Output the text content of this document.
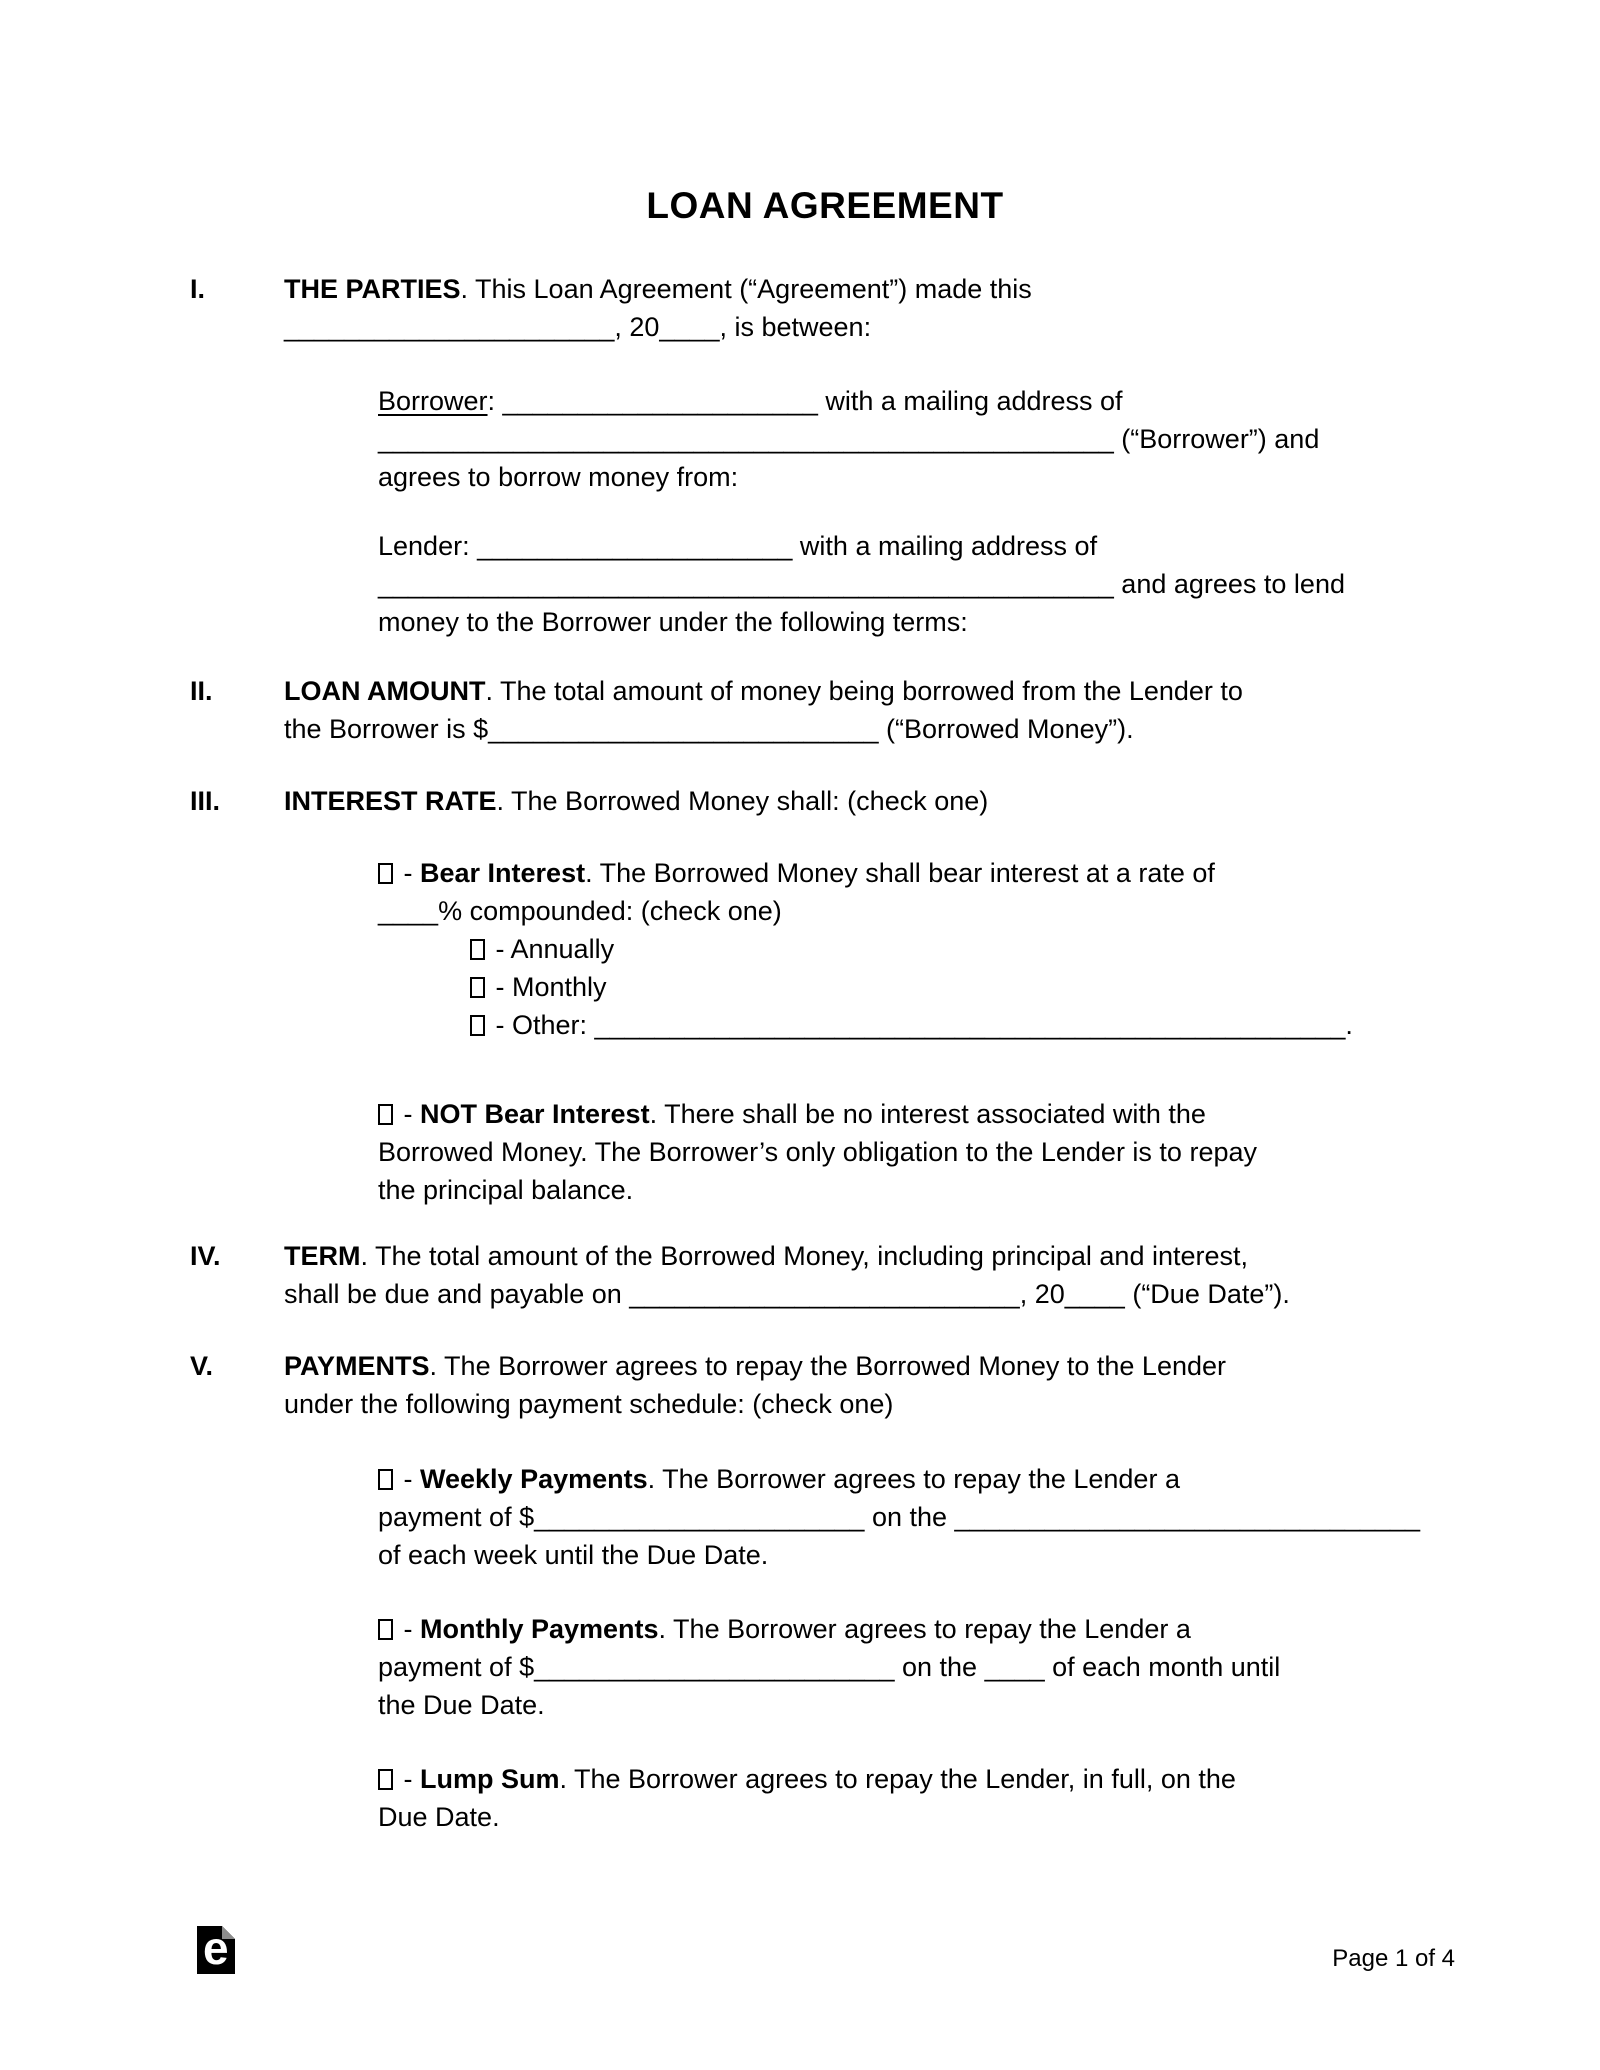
LOAN AGREEMENT
I.	THE PARTIES. This Loan Agreement (“Agreement”) made this
______________________, 20____, is between:
Borrower: _____________________ with a mailing address of
_________________________________________________ (“Borrower”) and
agrees to borrow money from:
Lender: _____________________ with a mailing address of
_________________________________________________ and agrees to lend
money to the Borrower under the following terms:
II.	LOAN AMOUNT. The total amount of money being borrowed from the Lender to
the Borrower is $__________________________ (“Borrowed Money”).
III.	INTEREST RATE. The Borrowed Money shall: (check one)
- Bear Interest. The Borrowed Money shall bear interest at a rate of
____% compounded: (check one)
- Annually
- Monthly
- Other: __________________________________________________.
- NOT Bear Interest. There shall be no interest associated with the
Borrowed Money. The Borrower’s only obligation to the Lender is to repay
the principal balance.
IV.	TERM. The total amount of the Borrowed Money, including principal and interest,
shall be due and payable on __________________________, 20____ (“Due Date”).
V.	PAYMENTS. The Borrower agrees to repay the Borrowed Money to the Lender
under the following payment schedule: (check one)
- Weekly Payments. The Borrower agrees to repay the Lender a
payment of $______________________ on the _______________________________
of each week until the Due Date.
- Monthly Payments. The Borrower agrees to repay the Lender a
payment of $________________________ on the ____ of each month until
the Due Date.
- Lump Sum. The Borrower agrees to repay the Lender, in full, on the
Due Date.
e	Page 1 of 4
